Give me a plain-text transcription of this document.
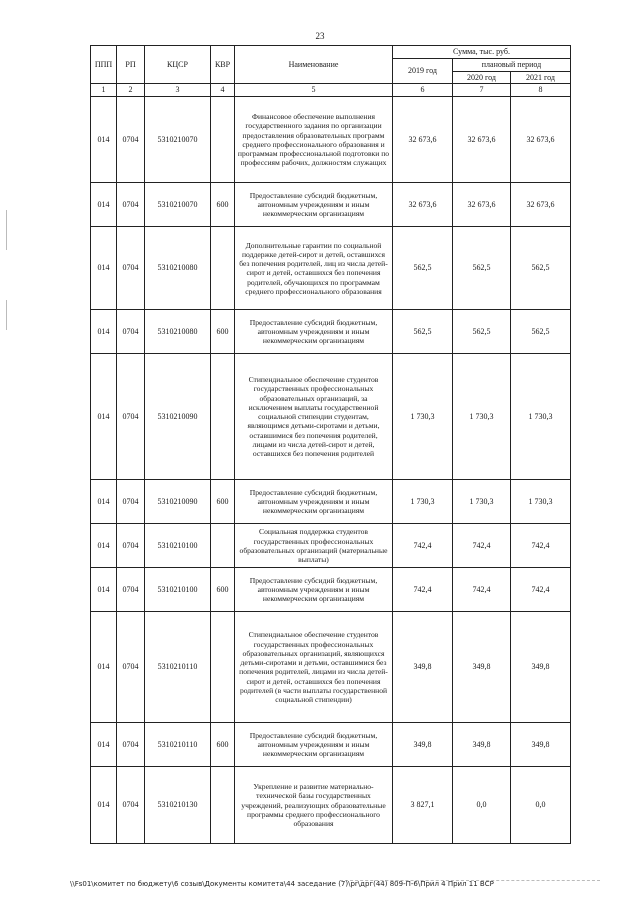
23
ППП	РП	КЦСР	КВР	Наименование	Сумма, тыс. руб.		
					2019 год	плановый период	
						2020 год	2021 год
1	2	3	4	5	6	7	8
014	0704	5310210070		Финансовое обеспечение выполнения государственного задания по организации предоставления образовательных программ среднего профессионального образования и программам профессиональной подготовки по профессиям рабочих, должностям служащих	32 673,6	32 673,6	32 673,6
014	0704	5310210070	600	Предоставление субсидий бюджетным, автономным учреждениям и иным некоммерческим организациям	32 673,6	32 673,6	32 673,6
014	0704	5310210080		Дополнительные гарантии по социальной поддержке детей-сирот и детей, оставшихся без попечения родителей, лиц из числа детей-сирот и детей, оставшихся без попечения родителей, обучающихся по программам среднего профессионального образования	562,5	562,5	562,5
014	0704	5310210080	600	Предоставление субсидий бюджетным, автономным учреждениям и иным некоммерческим организациям	562,5	562,5	562,5
014	0704	5310210090		Стипендиальное обеспечение студентов государственных профессиональных образовательных организаций, за исключением выплаты государственной социальной стипендии студентам, являющимся детьми-сиротами и детьми, оставшимися без попечения родителей, лицами из числа детей-сирот и детей, оставшихся без попечения родителей	1 730,3	1 730,3	1 730,3
014	0704	5310210090	600	Предоставление субсидий бюджетным, автономным учреждениям и иным некоммерческим организациям	1 730,3	1 730,3	1 730,3
014	0704	5310210100		Социальная поддержка студентов государственных профессиональных образовательных организаций (материальные выплаты)	742,4	742,4	742,4
014	0704	5310210100	600	Предоставление субсидий бюджетным, автономным учреждениям и иным некоммерческим организациям	742,4	742,4	742,4
014	0704	5310210110		Стипендиальное обеспечение студентов государственных профессиональных образовательных организаций, являющихся детьми-сиротами и детьми, оставшимися без попечения родителей, лицами из числа детей-сирот и детей, оставшихся без попечения родителей (в части выплаты государственной социальной стипендии)	349,8	349,8	349,8
014	0704	5310210110	600	Предоставление субсидий бюджетным, автономным учреждениям и иным некоммерческим организациям	349,8	349,8	349,8
014	0704	5310210130		Укрепление и развитие материально-технической базы государственных учреждений, реализующих образовательные программы среднего профессионального образования	3 827,1	0,0	0,0
\\Fs01\комитет по бюджету\6 созыв\Документы комитета\44 заседание (7)\pr\дрг(44) 809-П-6\Прил 4 Прил 11 ВСР
